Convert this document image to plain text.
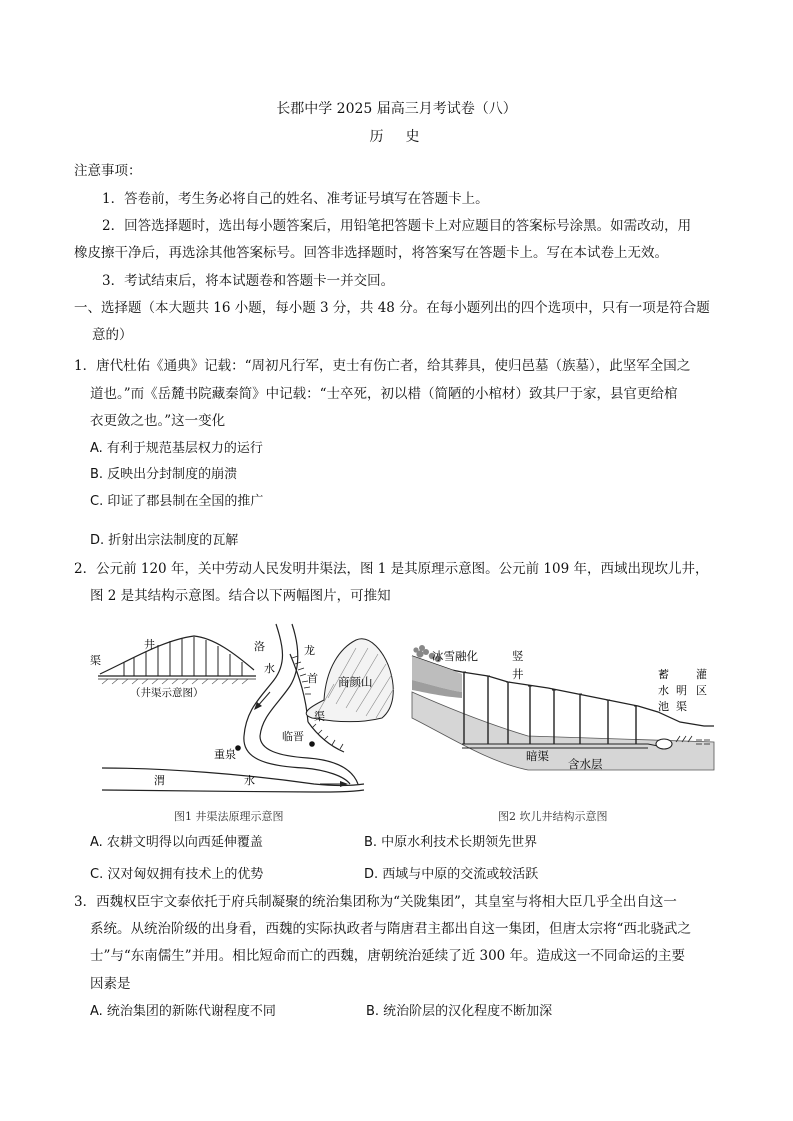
长郡中学 2025 届高三月考试卷（八）
历　史
注意事项：
1．答卷前，考生务必将自己的姓名、准考证号填写在答题卡上。
2．回答选择题时，选出每小题答案后，用铅笔把答题卡上对应题目的答案标号涂黑。如需改动，用
橡皮擦干净后，再选涂其他答案标号。回答非选择题时，将答案写在答题卡上。写在本试卷上无效。
3．考试结束后，将本试题卷和答题卡一并交回。
一、选择题（本大题共 16 小题，每小题 3 分，共 48 分。在每小题列出的四个选项中，只有一项是符合题
意的）
1．唐代杜佑《通典》记载：“周初凡行军，吏士有伤亡者，给其葬具，使归邑墓（族墓），此坚军全国之
道也。”而《岳麓书院藏秦简》中记载：“士卒死，初以棤（简陋的小棺材）致其尸于家，县官更给棺
衣更敛之也。”这一变化
A. 有利于规范基层权力的运行
B. 反映出分封制度的崩溃
C. 印证了郡县制在全国的推广
D. 折射出宗法制度的瓦解
2．公元前 120 年，关中劳动人民发明井渠法，图 1 是其原理示意图。公元前 109 年，西域出现坎儿井，
图 2 是其结构示意图。结合以下两幅图片，可推知
井
渠
（井渠示意图）
商颜山
洛
水
龙
首
渠
重泉
临晋
渭	水
图1 井渠法原理示意图
冰雪融化	竖
井
暗渠
含水层
蓄
水
池
明
渠
灌
区
图2 坎儿井结构示意图
A. 农耕文明得以向西延伸覆盖	B. 中原水利技术长期领先世界
C. 汉对匈奴拥有技术上的优势	D. 西域与中原的交流或较活跃
3．西魏权臣宇文泰依托于府兵制凝聚的统治集团称为“关陇集团”，其皇室与将相大臣几乎全出自这一
系统。从统治阶级的出身看，西魏的实际执政者与隋唐君主都出自这一集团，但唐太宗将“西北骁武之
士”与“东南儒生”并用。相比短命而亡的西魏，唐朝统治延续了近 300 年。造成这一不同命运的主要
因素是
A. 统治集团的新陈代谢程度不同	B. 统治阶层的汉化程度不断加深
